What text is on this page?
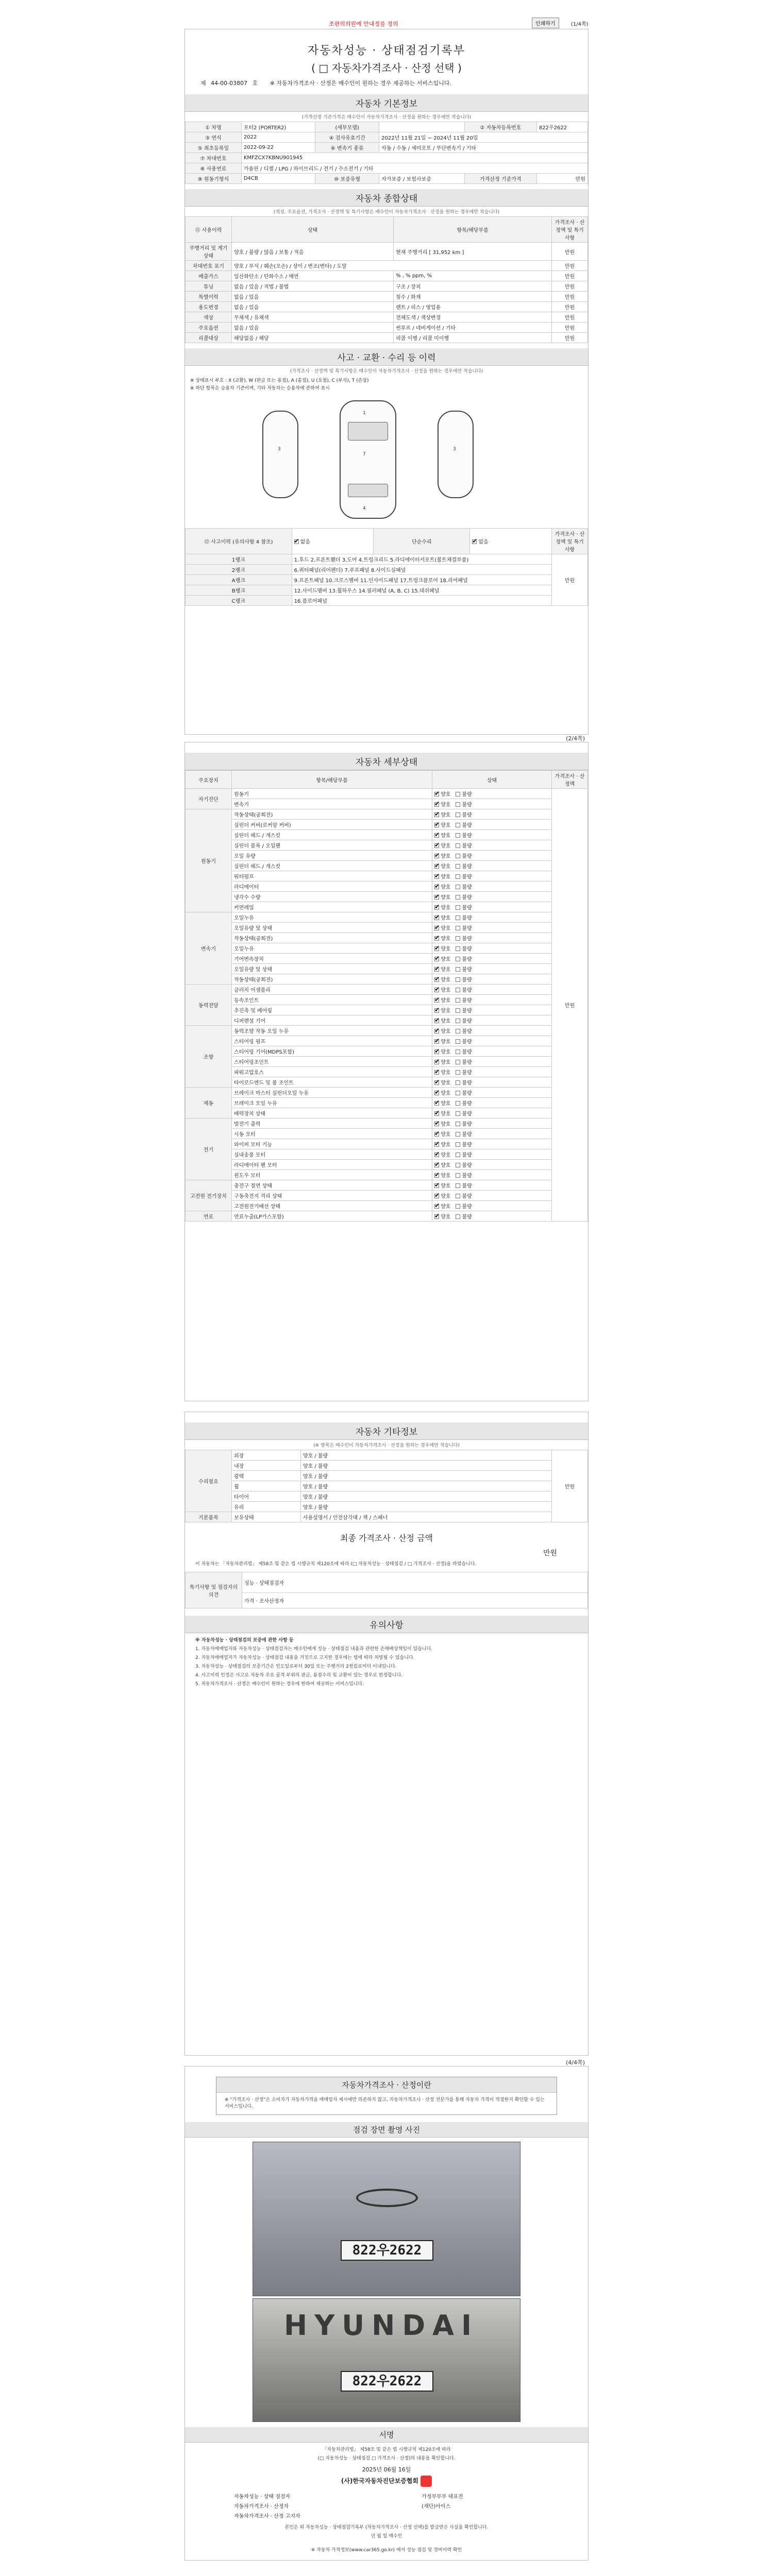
조관의의원예 안내정를 경의	인쇄하기	(1/4쪽)
자동차성능 · 상태점검기록부
( □ 자동차가격조사 · 산정 선택 )
제 44-00-03807 호 ※ 자동차가격조사 · 산정은 매수인이 원하는 경우 제공하는 서비스입니다.
자동차 기본정보
(가격산정 기준가격은 매수인이 자동차가격조사 · 산정을 원하는 경우에만 적습니다)
① 차명	포터2 (PORTER2)	(세부모델)		② 자동차등록번호	822우2622
③ 연식	2022	④ 검사유효기간	2022년 11월 21일 ~ 2024년 11월 20일		
⑤ 최초등록일	2022-09-22	⑥ 변속기 종류	자동 / 수동 / 세미오토 / 무단변속기 / 기타		
⑦ 차대번호	KMFZCX7KBNU901945				
⑧ 사용연료	가솔린 / 디젤 / LPG / 하이브리드 / 전기 / 수소전기 / 기타				
⑨ 원동기형식	D4CB	⑩ 보증유형	자가보증 / 보험사보증	가격산정 기준가격	만원
자동차 종합상태
(색상, 주요옵션, 가격조사 · 산정액 및 특기사항은 매수인이 자동차가격조사 · 산정을 원하는 경우에만 적습니다)
⑪ 사용이력	상태	항목/해당부품	가격조사 · 산정액 및 특기사항
주행거리 및 계기상태	양호 / 불량 / 많음 / 보통 / 적음	현재 주행거리 [ 31,952 km ]	만원
차대번호 표기	양호 / 부식 / 훼손(오손) / 상이 / 변조(변타) / 도말		만원
배출가스	일산화탄소 / 탄화수소 / 매연	% , % ppm, %	만원
튜닝	없음 / 있음 / 적법 / 불법	구조 / 장치	만원
특별이력	없음 / 있음	침수 / 화재	만원
용도변경	없음 / 있음	렌트 / 리스 / 영업용	만원
색상	무채색 / 유채색	전체도색 / 색상변경	만원
주요옵션	없음 / 있음	썬루프 / 네비게이션 / 기타	만원
리콜대상	해당없음 / 해당	리콜 이행 / 리콜 미이행	만원
사고 · 교환 · 수리 등 이력
(가격조사 · 산정액 및 특기사항은 매수인이 자동차가격조사 · 산정을 원하는 경우에만 적습니다)
※ 상태표시 부호 : X (교환), W (판금 또는 용접), A (흠집), U (요철), C (부식), T (손상)
※ 하단 항목은 승용차 기준이며, 기타 자동차는 승용차에 준하여 표시
1
7
4
3	3
⑫ 사고이력 (유의사항 4 참조)	✔없음	단순수리	✔없음	가격조사 · 산정액 및 특기사항
1랭크	1.후드 2.프론트휀더 3.도어 4.트렁크리드 5.라디에이터서포트(볼트체결부품)			만원
2랭크	6.쿼터패널(리어펜더) 7.루프패널 8.사이드실패널			
A랭크	9.프론트패널 10.크로스멤버 11.인사이드패널 17.트렁크플로어 18.리어패널			
B랭크	12.사이드멤버 13.휠하우스 14.필러패널 (A, B, C) 15.대쉬패널			
C랭크	16.플로어패널			
(2/4쪽)
자동차 세부상태
주요장치	항목/해당부품	상태	가격조사 · 산정액
자기진단	원동기	✔양호 불량	만원
	변속기	✔양호 불량
원동기	작동상태(공회전)	✔양호 불량
	실린더 커버(로커암 커버)	✔양호 불량
	실린더 헤드 / 개스킷	✔양호 불량
	실린더 블록 / 오일팬	✔양호 불량
	오일 유량	✔양호 불량
	실린더 헤드 / 개스킷	✔양호 불량
	워터펌프	✔양호 불량
	라디에이터	✔양호 불량
	냉각수 수량	✔양호 불량
	커먼레일	✔양호 불량
변속기	오일누유	✔양호 불량
	오일유량 및 상태	✔양호 불량
	작동상태(공회전)	✔양호 불량
	오일누유	✔양호 불량
	기어변속장치	✔양호 불량
	오일유량 및 상태	✔양호 불량
	작동상태(공회전)	✔양호 불량
동력전달	클러치 어셈블리	✔양호 불량
	등속조인트	✔양호 불량
	추진축 및 베어링	✔양호 불량
	디퍼렌셜 기어	✔양호 불량
조향	동력조향 작동 오일 누유	✔양호 불량
	스티어링 펌프	✔양호 불량
	스티어링 기어(MDPS포함)	✔양호 불량
	스티어링조인트	✔양호 불량
	파워고압호스	✔양호 불량
	타이로드엔드 및 볼 조인트	✔양호 불량
제동	브레이크 마스터 실린더오일 누유	✔양호 불량
	브레이크 오일 누유	✔양호 불량
	배력장치 상태	✔양호 불량
전기	발전기 출력	✔양호 불량
	시동 모터	✔양호 불량
	와이퍼 모터 기능	✔양호 불량
	실내송풍 모터	✔양호 불량
	라디에이터 팬 모터	✔양호 불량
	윈도우 모터	✔양호 불량
고전원 전기장치	충전구 절연 상태	✔양호 불량
	구동축전지 격리 상태	✔양호 불량
	고전원전기배선 상태	✔양호 불량
연료	연료누출(LP가스포함)	✔양호 불량
자동차 기타정보
(※ 항목은 매수인이 자동차가격조사 · 산정을 원하는 경우에만 적습니다)
수리필요	외장	양호 / 불량	만원
	내장	양호 / 불량	
	광택	양호 / 불량	
	휠	양호 / 불량	
	타이어	양호 / 불량	
	유리	양호 / 불량	
기본품목	보유상태	사용설명서 / 안전삼각대 / 잭 / 스패너	
최종 가격조사 · 산정 금액
만원
이 자동차는 「자동차관리법」 제58조 및 같은 법 시행규칙 제120조에 따라 (□ 자동차성능 · 상태점검 / □ 가격조사 · 산정)을 하였습니다.
특기사항 및 점검자의 의견	성능 · 상태점검자
가격 · 조사산정자
유의사항
※ 자동차성능 · 상태점검의 보증에 관한 사항 등
1. 자동차매매업자와 자동차성능 · 상태점검자는 매수인에게 성능 · 상태점검 내용과 관련한 손해배상책임이 있습니다.
2. 자동차매매업자가 자동차성능 · 상태점검 내용을 거짓으로 고지한 경우에는 법에 따라 처벌될 수 있습니다.
3. 자동차성능 · 상태점검의 보증기간은 인도일로부터 30일 또는 주행거리 2천킬로미터 이내입니다.
4. 사고이력 인정은 사고로 자동차 주요 골격 부위의 판금, 용접수리 및 교환이 있는 경우로 한정합니다.
5. 자동차가격조사 · 산정은 매수인이 원하는 경우에 한하여 제공하는 서비스입니다.
(4/4쪽)
자동차가격조사 · 산정이란
※ "가격조사 · 산정"은 소비자가 자동차가격을 매매업자 제시에만 의존하지 않고, 자동차가격조사 · 산정 전문가를 통해 자동차 가격이 적절한지 확인할 수 있는 서비스입니다.
점검 장면 촬영 사진
822우2622
HYUNDAI
822우2622
서명
「자동차관리법」 제58조 및 같은 법 시행규칙 제120조에 따라
(□ 자동차성능 · 상태점검 □ 가격조사 · 산정)의 내용을 확인합니다.
2025년 06월 16일
(사)한국자동차진단보증협회
자동차성능 · 상태 점검자	가정부부부 대표전
자동차가격조사 · 산정자	(재단)아이스
자동차가격조사 · 산정 고지자	
본인은 위 자동차성능 · 상태점검기록부 (자동차가격조사 · 산정 선택)를 발급받은 사실을 확인합니다.
년 월 일 매수인
※ 자동차 가격정보(www.car365.go.kr) 에서 성능 점검 및 정비이력 확인
